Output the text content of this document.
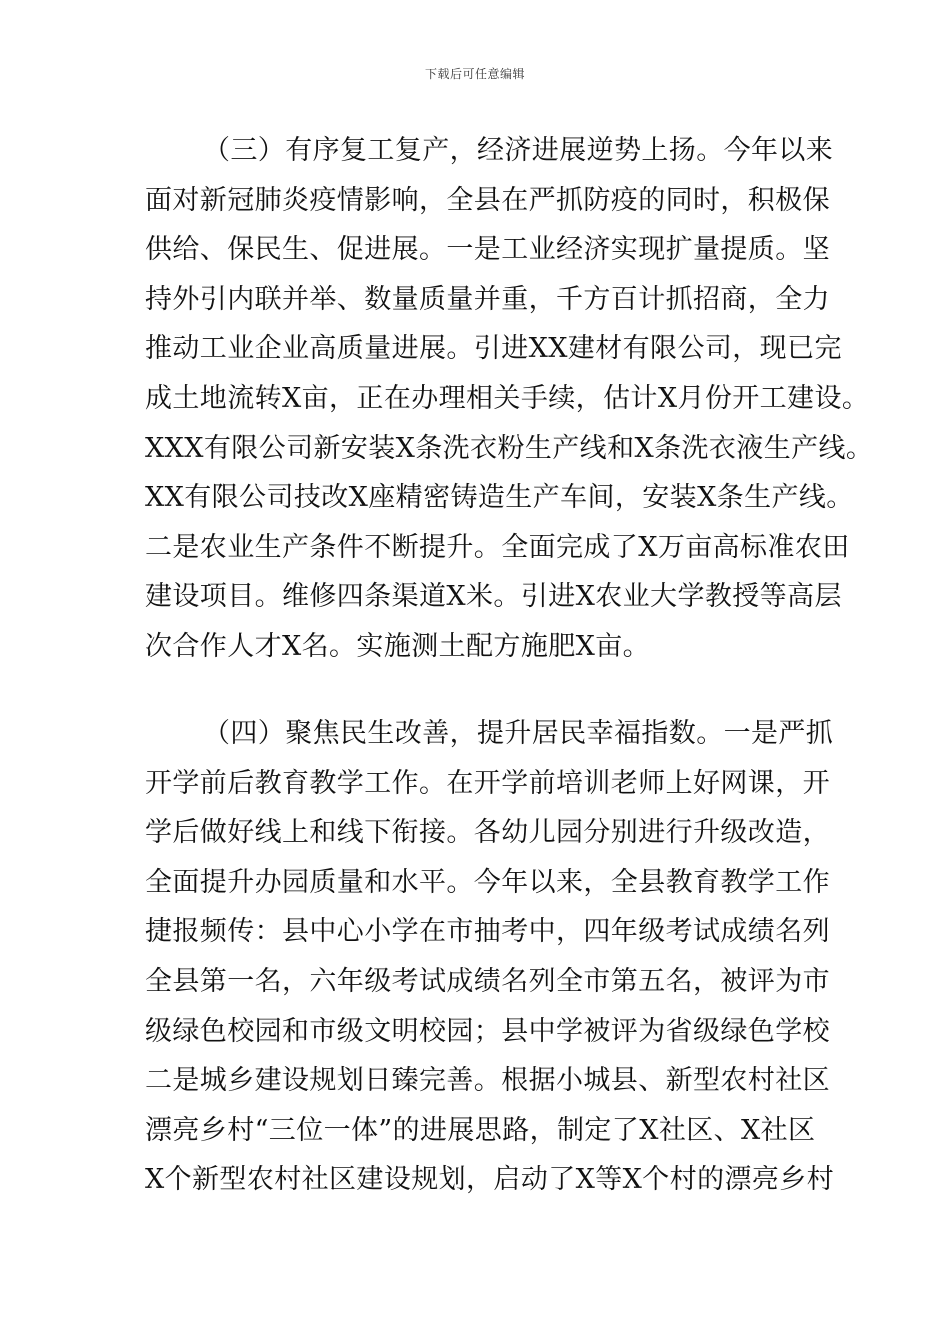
下载后可任意编辑
（三）有序复工复产，经济进展逆势上扬。今年以来
面对新冠肺炎疫情影响，全县在严抓防疫的同时，积极保
供给、保民生、促进展。一是工业经济实现扩量提质。坚
持外引内联并举、数量质量并重，千方百计抓招商，全力
推动工业企业高质量进展。引进XX建材有限公司，现已完
成土地流转X亩，正在办理相关手续，估计X月份开工建设。
XXX有限公司新安装X条洗衣粉生产线和X条洗衣液生产线。
XX有限公司技改X座精密铸造生产车间，安装X条生产线。
二是农业生产条件不断提升。全面完成了X万亩高标准农田
建设项目。维修四条渠道X米。引进X农业大学教授等高层
次合作人才X名。实施测土配方施肥X亩。
（四）聚焦民生改善，提升居民幸福指数。一是严抓
开学前后教育教学工作。在开学前培训老师上好网课，开
学后做好线上和线下衔接。各幼儿园分别进行升级改造，
全面提升办园质量和水平。今年以来，全县教育教学工作
捷报频传：县中心小学在市抽考中，四年级考试成绩名列
全县第一名，六年级考试成绩名列全市第五名，被评为市
级绿色校园和市级文明校园；县中学被评为省级绿色学校
二是城乡建设规划日臻完善。根据小城县、新型农村社区
漂亮乡村“三位一体”的进展思路，制定了X社区、X社区
X个新型农村社区建设规划，启动了X等X个村的漂亮乡村
